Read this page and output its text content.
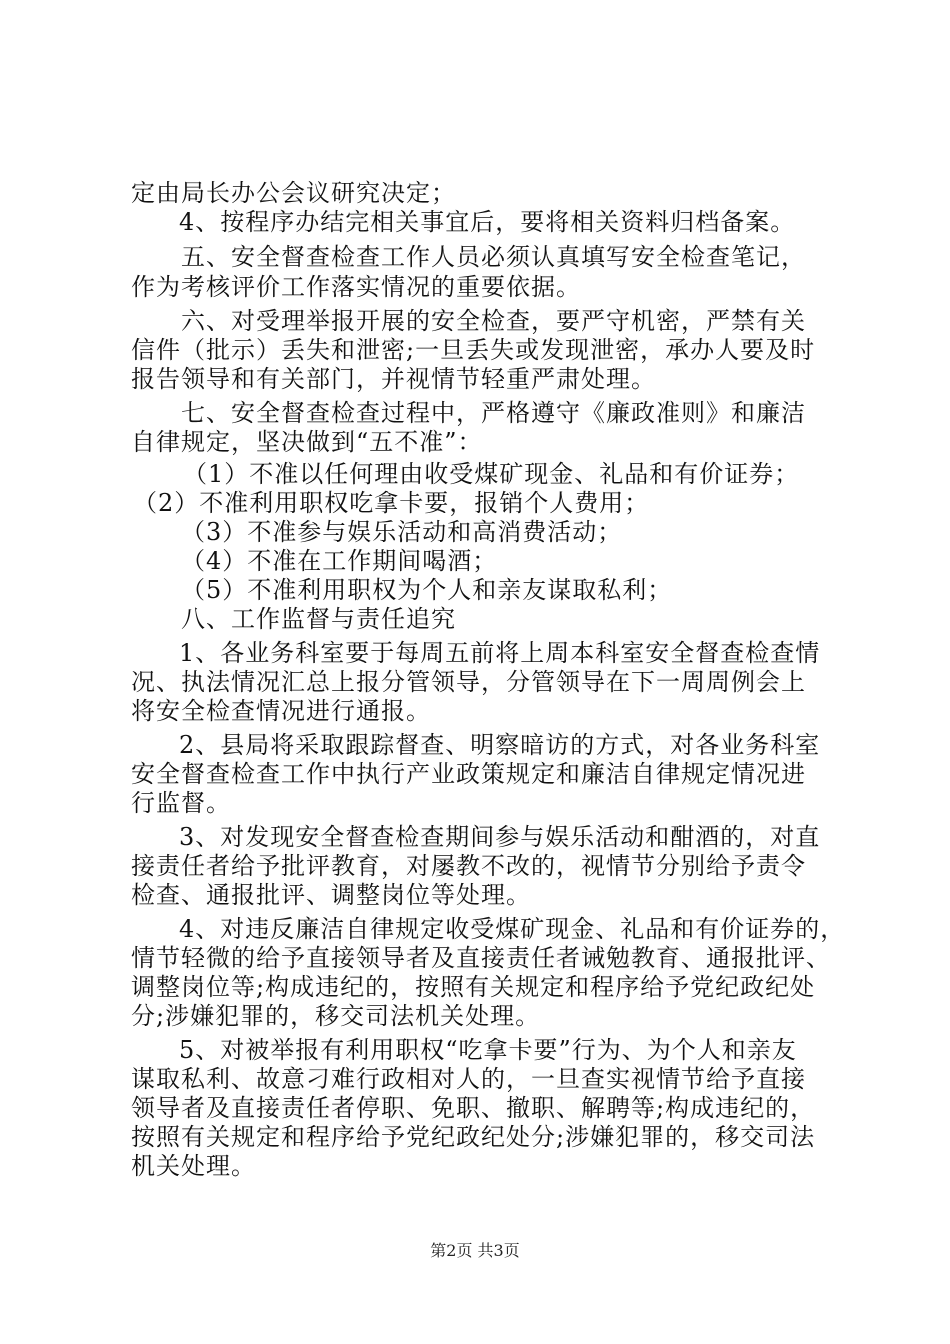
定由局长办公会议研究决定；
4、按程序办结完相关事宜后，要将相关资料归档备案。
五、安全督查检查工作人员必须认真填写安全检查笔记，
作为考核评价工作落实情况的重要依据。
六、对受理举报开展的安全检查，要严守机密，严禁有关
信件（批示）丢失和泄密;一旦丢失或发现泄密，承办人要及时
报告领导和有关部门，并视情节轻重严肃处理。
七、安全督查检查过程中，严格遵守《廉政准则》和廉洁
自律规定，坚决做到“五不准”：
（1）不准以任何理由收受煤矿现金、礼品和有价证券；
（2）不准利用职权吃拿卡要，报销个人费用；
（3）不准参与娱乐活动和高消费活动；
（4）不准在工作期间喝酒；
（5）不准利用职权为个人和亲友谋取私利；
八、工作监督与责任追究
1、各业务科室要于每周五前将上周本科室安全督查检查情
况、执法情况汇总上报分管领导，分管领导在下一周周例会上
将安全检查情况进行通报。
2、县局将采取跟踪督查、明察暗访的方式，对各业务科室
安全督查检查工作中执行产业政策规定和廉洁自律规定情况进
行监督。
3、对发现安全督查检查期间参与娱乐活动和酣酒的，对直
接责任者给予批评教育，对屡教不改的，视情节分别给予责令
检查、通报批评、调整岗位等处理。
4、对违反廉洁自律规定收受煤矿现金、礼品和有价证券的，
情节轻微的给予直接领导者及直接责任者诫勉教育、通报批评、
调整岗位等;构成违纪的，按照有关规定和程序给予党纪政纪处
分;涉嫌犯罪的，移交司法机关处理。
5、对被举报有利用职权“吃拿卡要”行为、为个人和亲友
谋取私利、故意刁难行政相对人的，一旦查实视情节给予直接
领导者及直接责任者停职、免职、撤职、解聘等;构成违纪的，
按照有关规定和程序给予党纪政纪处分;涉嫌犯罪的，移交司法
机关处理。
第2页 共3页
